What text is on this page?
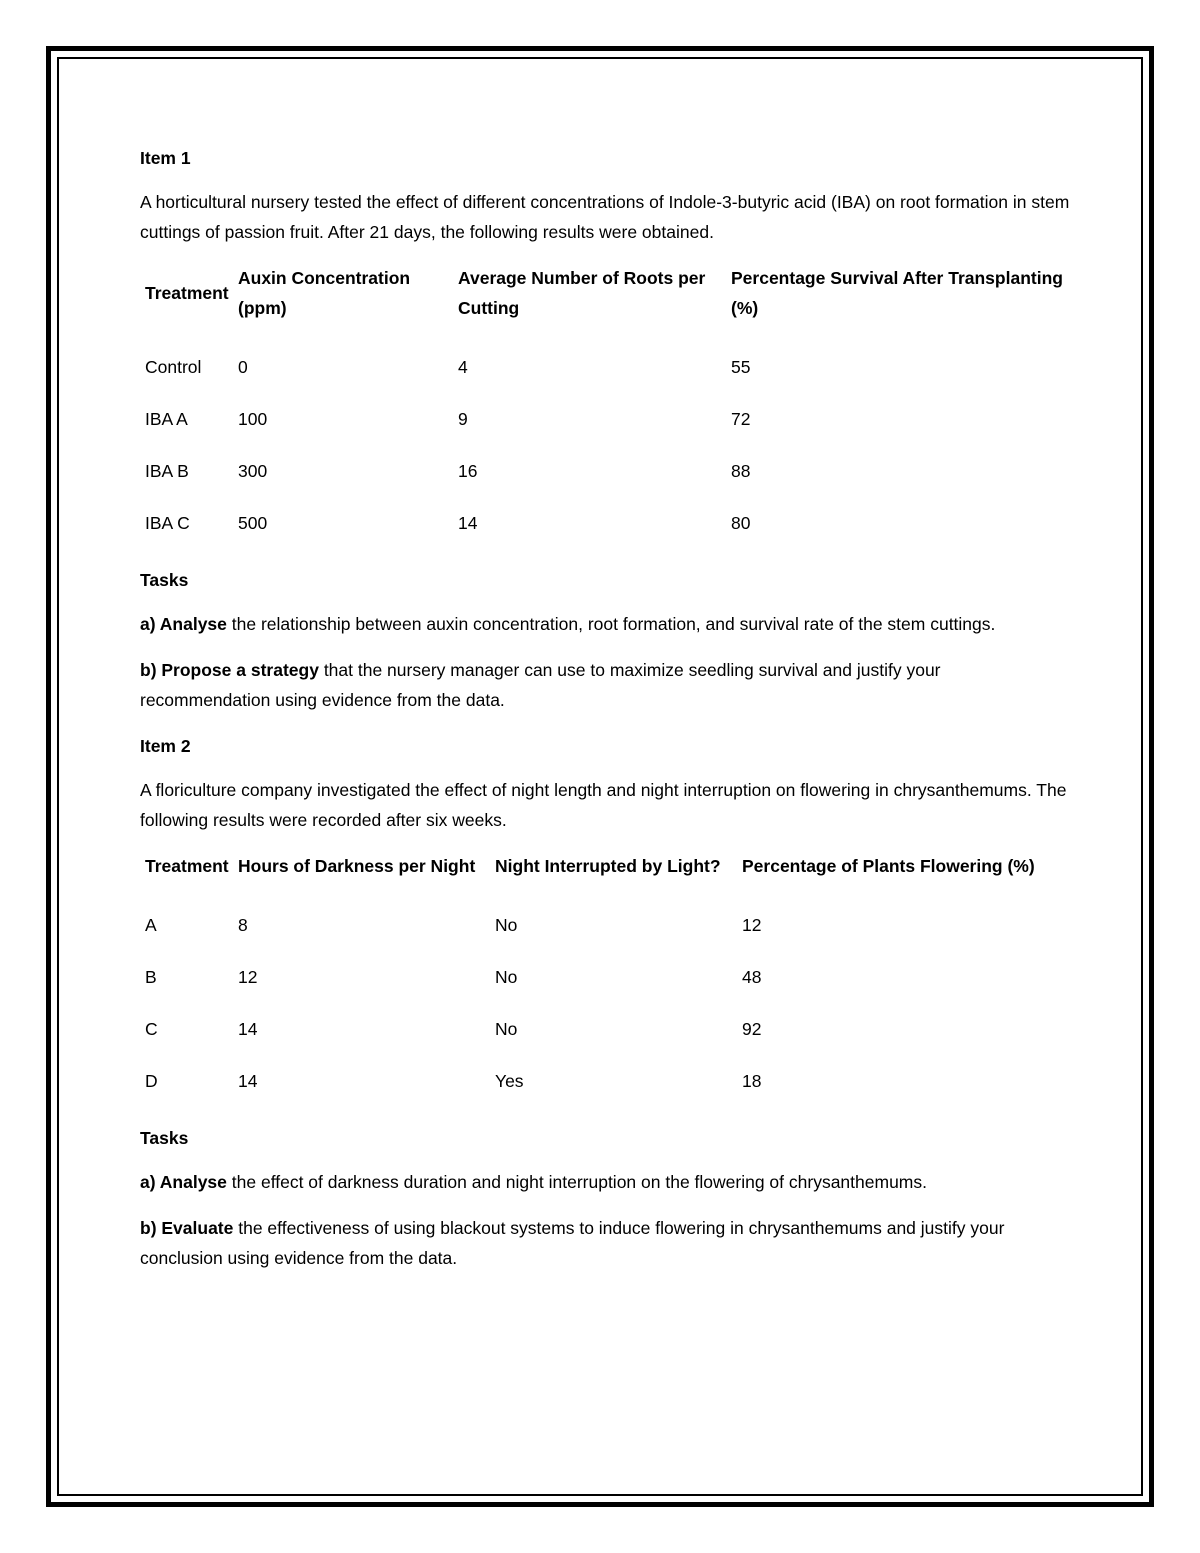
Item 1

A horticultural nursery tested the effect of different concentrations of Indole-3-butyric acid (IBA) on root formation in stem cuttings of passion fruit. After 21 days, the following results were obtained.

Treatment	Auxin Concentration (ppm)	Average Number of Roots per Cutting	Percentage Survival After Transplanting (%)
Control	0	4	55
IBA A	100	9	72
IBA B	300	16	88
IBA C	500	14	80
Tasks

a) Analyse the relationship between auxin concentration, root formation, and survival rate of the stem cuttings.

b) Propose a strategy that the nursery manager can use to maximize seedling survival and justify your recommendation using evidence from the data.

Item 2

A floriculture company investigated the effect of night length and night interruption on flowering in chrysanthemums. The following results were recorded after six weeks.

Treatment	Hours of Darkness per Night	Night Interrupted by Light?	Percentage of Plants Flowering (%)
A	8	No	12
B	12	No	48
C	14	No	92
D	14	Yes	18
Tasks

a) Analyse the effect of darkness duration and night interruption on the flowering of chrysanthemums.

b) Evaluate the effectiveness of using blackout systems to induce flowering in chrysanthemums and justify your conclusion using evidence from the data.
